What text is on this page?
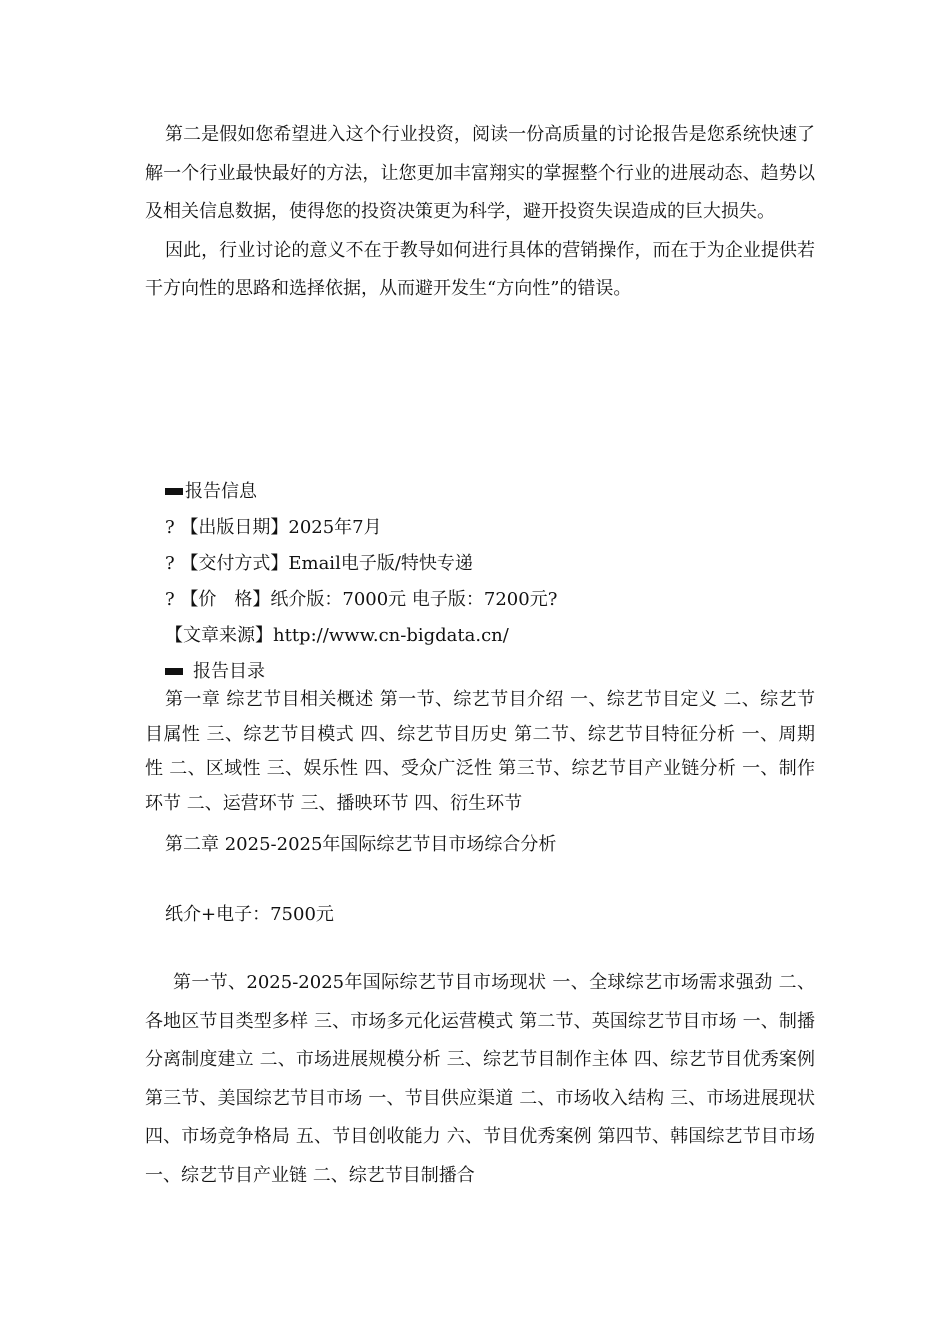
第二是假如您希望进入这个行业投资，阅读一份高质量的讨论报告是您系统快速了解一个行业最快最好的方法，让您更加丰富翔实的掌握整个行业的进展动态、趋势以及相关信息数据，使得您的投资决策更为科学，避开投资失误造成的巨大损失。

因此，行业讨论的意义不在于教导如何进行具体的营销操作，而在于为企业提供若干方向性的思路和选择依据，从而避开发生“方向性”的错误。

报告信息

? 【出版日期】2025年7月

? 【交付方式】Email电子版/特快专递

? 【价　格】纸介版：7000元 电子版：7200元?

【文章来源】http://www.cn-bigdata.cn/

报告目录

第一章 综艺节目相关概述 第一节、综艺节目介绍 一、综艺节目定义 二、综艺节目属性 三、综艺节目模式 四、综艺节目历史 第二节、综艺节目特征分析 一、周期性 二、区域性 三、娱乐性 四、受众广泛性 第三节、综艺节目产业链分析 一、制作环节 二、运营环节 三、播映环节 四、衍生环节

第二章 2025-2025年国际综艺节目市场综合分析

纸介+电子：7500元

第一节、2025-2025年国际综艺节目市场现状 一、全球综艺市场需求强劲 二、各地区节目类型多样 三、市场多元化运营模式 第二节、英国综艺节目市场 一、制播分离制度建立 二、市场进展规模分析 三、综艺节目制作主体 四、综艺节目优秀案例 第三节、美国综艺节目市场 一、节目供应渠道 二、市场收入结构 三、市场进展现状 四、市场竞争格局 五、节目创收能力 六、节目优秀案例 第四节、韩国综艺节目市场 一、综艺节目产业链 二、综艺节目制播合
